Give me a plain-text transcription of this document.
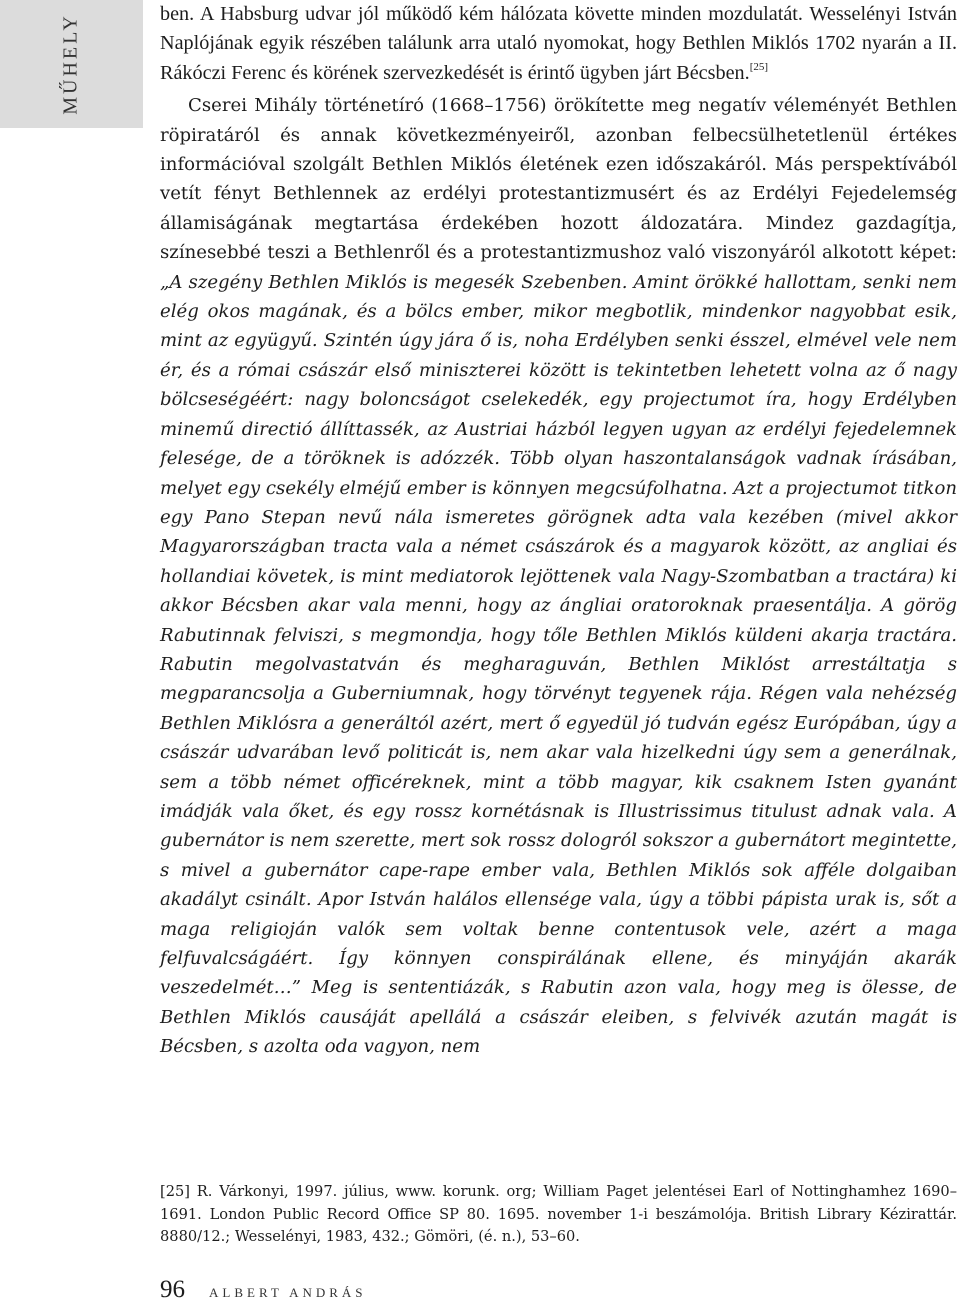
MŰHELY	ben. A Habsburg udvar jól működő kém hálózata követte minden mozdulatát. Wesselényi István Naplójának egyik részében találunk arra utaló nyomokat, hogy Bethlen Miklós 1702 nyarán a II. Rákóczi Ferenc és körének szervezkedését is érintő ügyben járt Bécsben.[25]

Cserei Mihály történetíró (1668–1756) örökítette meg negatív véleményét Bethlen röpiratáról és annak következményeiről, azonban felbecsülhetetlenül értékes információval szolgált Bethlen Miklós életének ezen időszakáról. Más perspektívából vetít fényt Bethlennek az erdélyi protestantizmusért és az Erdélyi Fejedelemség államiságának megtartása érdekében hozott áldozatára. Mindez gazdagítja, színesebbé teszi a Bethlenről és a protestantizmushoz való viszonyáról alkotott képet: „A szegény Bethlen Miklós is megesék Szebenben. Amint örökké hallottam, senki nem elég okos magának, és a bölcs ember, mikor megbotlik, mindenkor nagyobbat esik, mint az együgyű. Szintén úgy jára ő is, noha Erdélyben senki ésszel, elmével vele nem ér, és a római császár első miniszterei között is tekintetben lehetett volna az ő nagy bölcseségéért: nagy boloncságot cselekedék, egy projectumot íra, hogy Erdélyben minemű directió állíttassék, az Austriai házból legyen ugyan az erdélyi fejedelemnek felesége, de a töröknek is adózzék. Több olyan haszontalanságok vadnak írásában, melyet egy csekély elméjű ember is könnyen megcsúfolhatna. Azt a projectumot titkon egy Pano Stepan nevű nála ismeretes görögnek adta vala kezében (mivel akkor Magyarországban tracta vala a német császárok és a magyarok között, az angliai és hollandiai követek, is mint mediatorok lejöttenek vala Nagy-Szombatban a tractára) ki akkor Bécsben akar vala menni, hogy az ángliai oratoroknak praesentálja. A görög Rabutinnak felviszi, s megmondja, hogy tőle Bethlen Miklós küldeni akarja tractára. Rabutin megolvastatván és megharaguván, Bethlen Miklóst arrestáltatja s megparancsolja a Guberniumnak, hogy törvényt tegyenek rája. Régen vala nehézség Bethlen Miklósra a generáltól azért, mert ő egyedül jó tudván egész Európában, úgy a császár udvarában levő politicát is, nem akar vala hizelkedni úgy sem a generálnak, sem a több német officéreknek, mint a több magyar, kik csaknem Isten gyanánt imádják vala őket, és egy rossz kornétásnak is Illustrissimus titulust adnak vala. A gubernátor is nem szerette, mert sok rossz dologról sokszor a gubernátort megintette, s mivel a gubernátor cape-rape ember vala, Bethlen Miklós sok afféle dolgaiban akadályt csinált. Apor István halálos ellensége vala, úgy a többi pápista urak is, sőt a maga religioján valók sem voltak benne contentusok vele, azért a maga felfuvalcságáért. Így könnyen conspirálának ellene, és minyáján akarák veszedelmét…” Meg is sententiázák, s Rabutin azon vala, hogy meg is ölesse, de Bethlen Miklós causáját apellálá a császár eleiben, s felvivék azután magát is Bécsben, s azolta oda vagyon, nem

[25] R. Várkonyi, 1997. július, www. korunk. org; William Paget jelentései Earl of Nottinghamhez 1690–1691. London Public Record Office SP 80. 1695. november 1-i beszámolója. British Library Kézirattár. 8880/12.; Wesselényi, 1983, 432.; Gömöri, (é. n.), 53–60.

96 ALBERT ANDRÁS
